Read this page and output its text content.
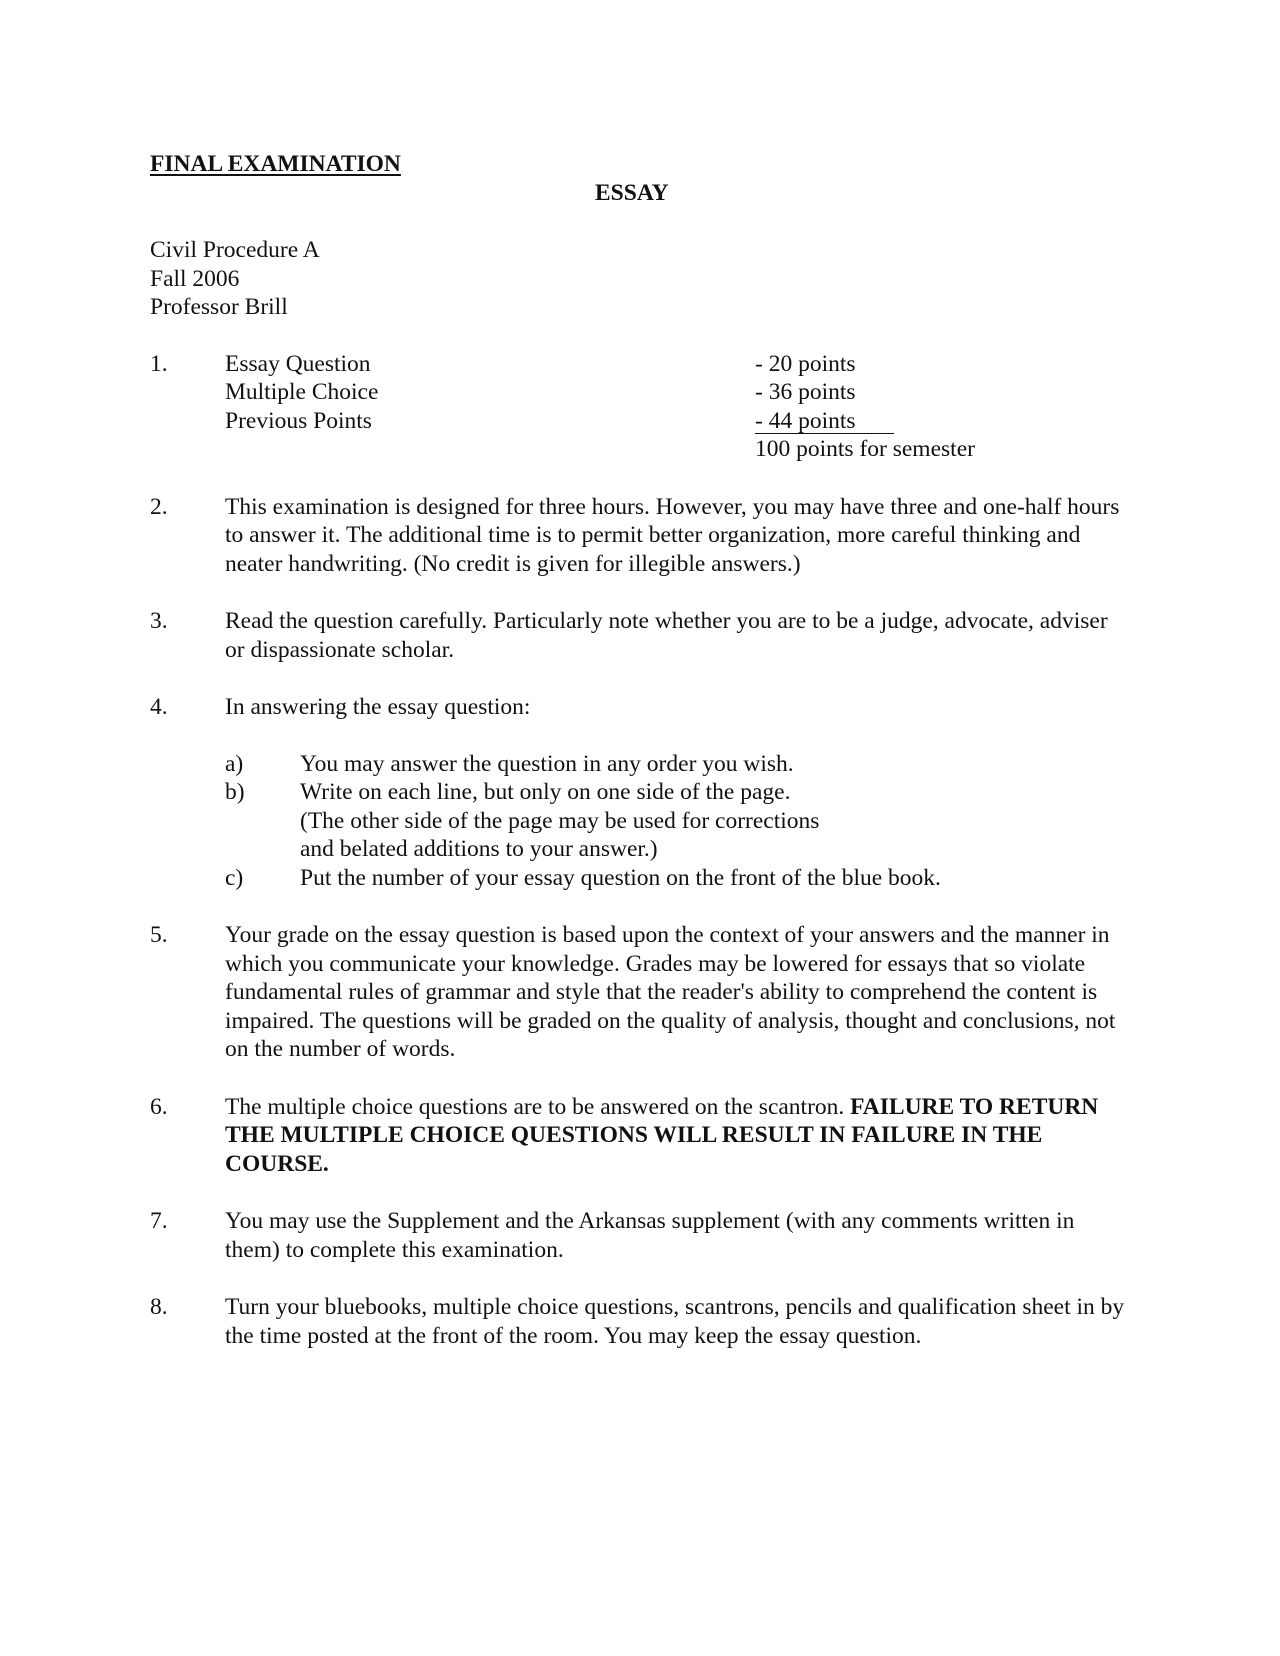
FINAL EXAMINATION

ESSAY

Civil Procedure A
Fall 2006
Professor Brill
1. Essay Question	- 20 points
Multiple Choice	- 36 points
Previous Points	- 44 points
100 points for semester
2. This examination is designed for three hours. However, you may have three and one-half hours to answer it. The additional time is to permit better organization, more careful thinking and neater handwriting. (No credit is given for illegible answers.)
3. Read the question carefully. Particularly note whether you are to be a judge, advocate, adviser or dispassionate scholar.
4. In answering the essay question:
a) You may answer the question in any order you wish.
b) Write on each line, but only on one side of the page.
(The other side of the page may be used for corrections
and belated additions to your answer.)
c) Put the number of your essay question on the front of the blue book.
5. Your grade on the essay question is based upon the context of your answers and the manner in which you communicate your knowledge. Grades may be lowered for essays that so violate fundamental rules of grammar and style that the reader's ability to comprehend the content is impaired. The questions will be graded on the quality of analysis, thought and conclusions, not on the number of words.
6. The multiple choice questions are to be answered on the scantron. FAILURE TO RETURN THE MULTIPLE CHOICE QUESTIONS WILL RESULT IN FAILURE IN THE COURSE.
7. You may use the Supplement and the Arkansas supplement (with any comments written in them) to complete this examination.
8. Turn your bluebooks, multiple choice questions, scantrons, pencils and qualification sheet in by the time posted at the front of the room. You may keep the essay question.
